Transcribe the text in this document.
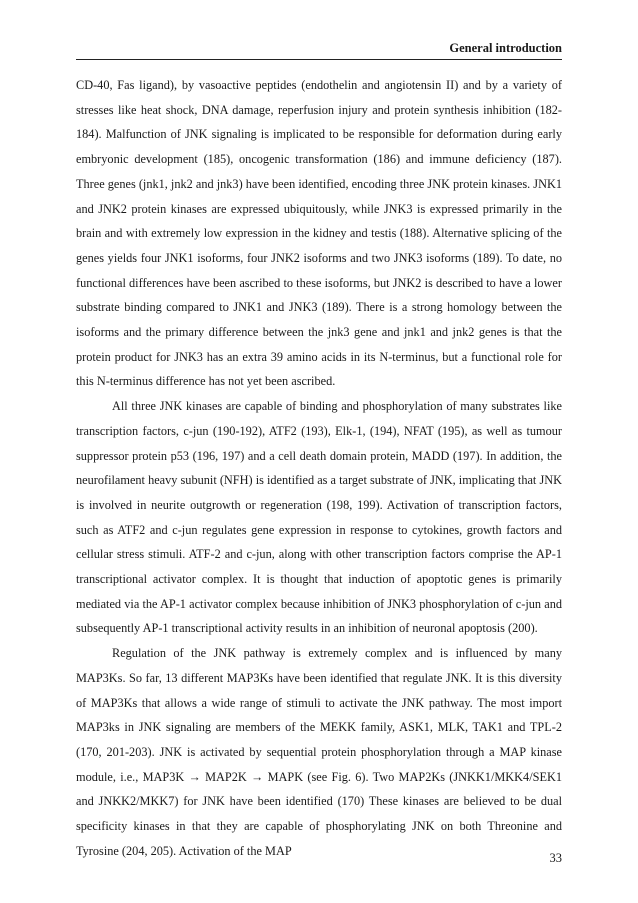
General introduction

CD-40, Fas ligand), by vasoactive peptides (endothelin and angiotensin II) and by a variety of stresses like heat shock, DNA damage, reperfusion injury and protein synthesis inhibition (182-184). Malfunction of JNK signaling is implicated to be responsible for deformation during early embryonic development (185), oncogenic transformation (186) and immune deficiency (187). Three genes (jnk1, jnk2 and jnk3) have been identified, encoding three JNK protein kinases. JNK1 and JNK2 protein kinases are expressed ubiquitously, while JNK3 is expressed primarily in the brain and with extremely low expression in the kidney and testis (188). Alternative splicing of the genes yields four JNK1 isoforms, four JNK2 isoforms and two JNK3 isoforms (189). To date, no functional differences have been ascribed to these isoforms, but JNK2 is described to have a lower substrate binding compared to JNK1 and JNK3 (189). There is a strong homology between the isoforms and the primary difference between the jnk3 gene and jnk1 and jnk2 genes is that the protein product for JNK3 has an extra 39 amino acids in its N-terminus, but a functional role for this N-terminus difference has not yet been ascribed.

All three JNK kinases are capable of binding and phosphorylation of many substrates like transcription factors, c-jun (190-192), ATF2 (193), Elk-1, (194), NFAT (195), as well as tumour suppressor protein p53 (196, 197) and a cell death domain protein, MADD (197). In addition, the neurofilament heavy subunit (NFH) is identified as a target substrate of JNK, implicating that JNK is involved in neurite outgrowth or regeneration (198, 199). Activation of transcription factors, such as ATF2 and c-jun regulates gene expression in response to cytokines, growth factors and cellular stress stimuli. ATF-2 and c-jun, along with other transcription factors comprise the AP-1 transcriptional activator complex. It is thought that induction of apoptotic genes is primarily mediated via the AP-1 activator complex because inhibition of JNK3 phosphorylation of c-jun and subsequently AP-1 transcriptional activity results in an inhibition of neuronal apoptosis (200).

Regulation of the JNK pathway is extremely complex and is influenced by many MAP3Ks. So far, 13 different MAP3Ks have been identified that regulate JNK. It is this diversity of MAP3Ks that allows a wide range of stimuli to activate the JNK pathway. The most import MAP3ks in JNK signaling are members of the MEKK family, ASK1, MLK, TAK1 and TPL-2 (170, 201-203). JNK is activated by sequential protein phosphorylation through a MAP kinase module, i.e., MAP3K → MAP2K → MAPK (see Fig. 6). Two MAP2Ks (JNKK1/MKK4/SEK1 and JNKK2/MKK7) for JNK have been identified (170) These kinases are believed to be dual specificity kinases in that they are capable of phosphorylating JNK on both Threonine and Tyrosine (204, 205). Activation of the MAP

33
